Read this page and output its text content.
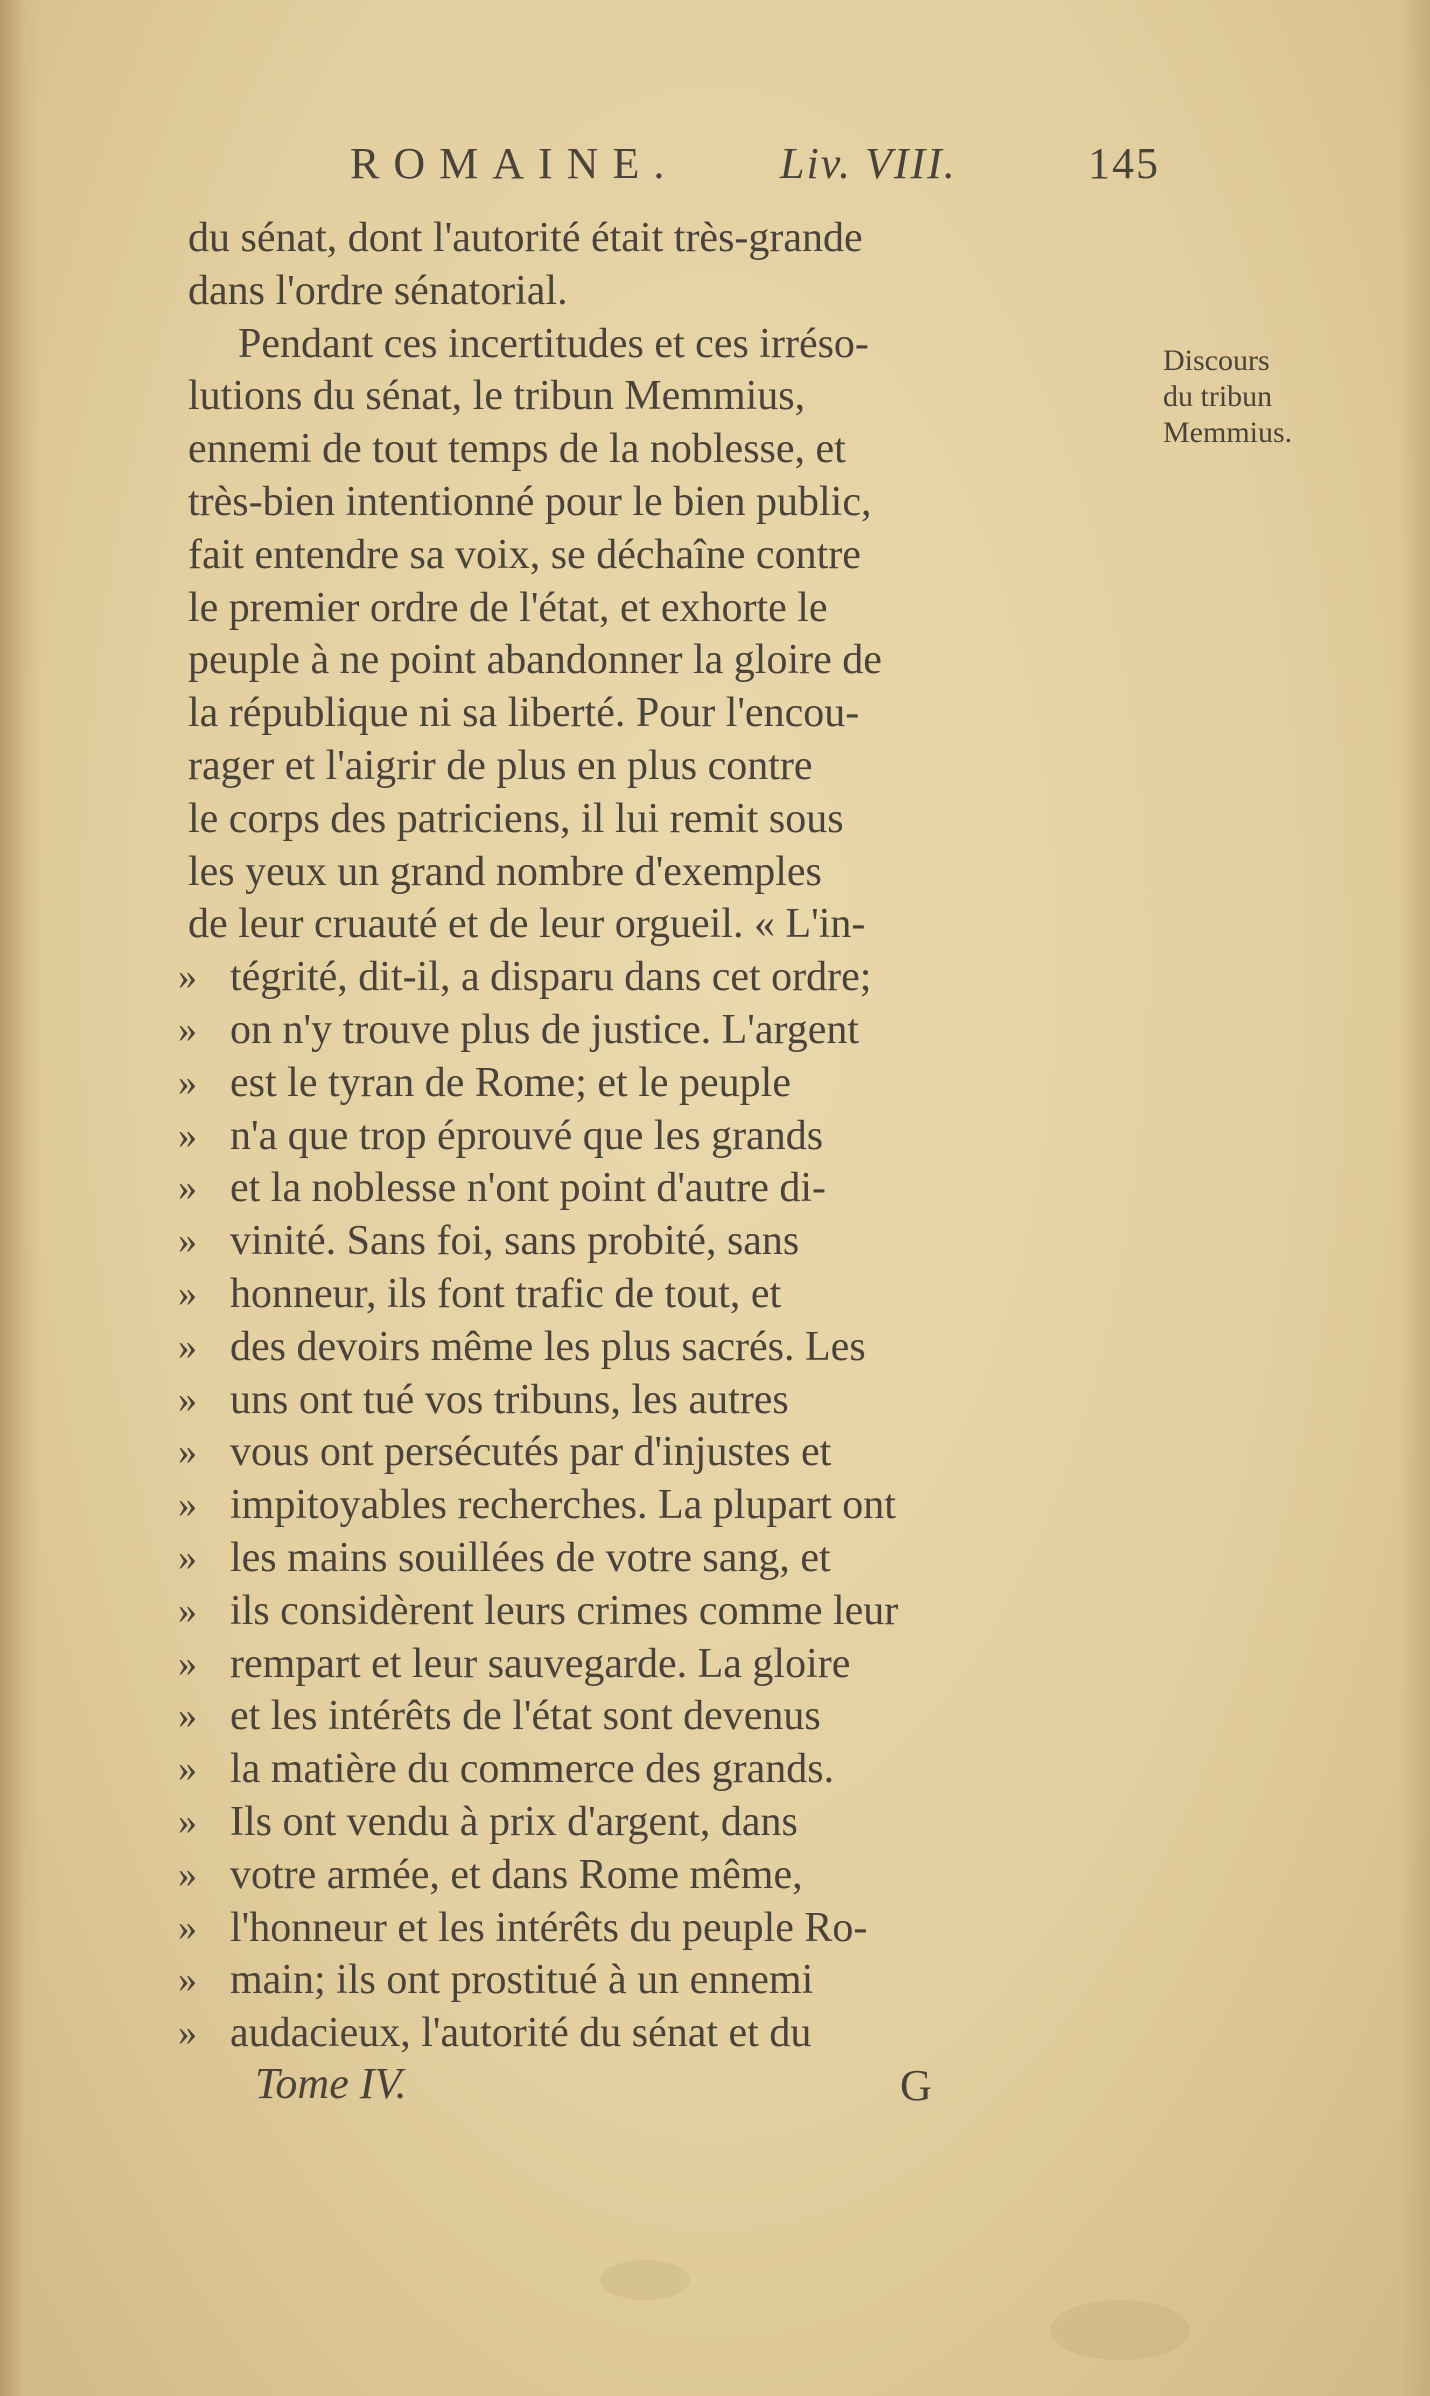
ROMAINE. Liv. VIII.	145
Discours
du tribun
Memmius.
du sénat, dont l'autorité était très-grande
dans l'ordre sénatorial.
Pendant ces incertitudes et ces irréso-
lutions du sénat, le tribun Memmius,
ennemi de tout temps de la noblesse, et
très-bien intentionné pour le bien public,
fait entendre sa voix, se déchaîne contre
le premier ordre de l'état, et exhorte le
peuple à ne point abandonner la gloire de
la république ni sa liberté. Pour l'encou-
rager et l'aigrir de plus en plus contre
le corps des patriciens, il lui remit sous
les yeux un grand nombre d'exemples
de leur cruauté et de leur orgueil. « L'in-
» tégrité, dit-il, a disparu dans cet ordre;
» on n'y trouve plus de justice. L'argent
» est le tyran de Rome; et le peuple
» n'a que trop éprouvé que les grands
» et la noblesse n'ont point d'autre di-
» vinité. Sans foi, sans probité, sans
» honneur, ils font trafic de tout, et
» des devoirs même les plus sacrés. Les
» uns ont tué vos tribuns, les autres
» vous ont persécutés par d'injustes et
» impitoyables recherches. La plupart ont
» les mains souillées de votre sang, et
» ils considèrent leurs crimes comme leur
» rempart et leur sauvegarde. La gloire
» et les intérêts de l'état sont devenus
» la matière du commerce des grands.
» Ils ont vendu à prix d'argent, dans
» votre armée, et dans Rome même,
» l'honneur et les intérêts du peuple Ro-
» main; ils ont prostitué à un ennemi
» audacieux, l'autorité du sénat et du
Tome IV.	G
